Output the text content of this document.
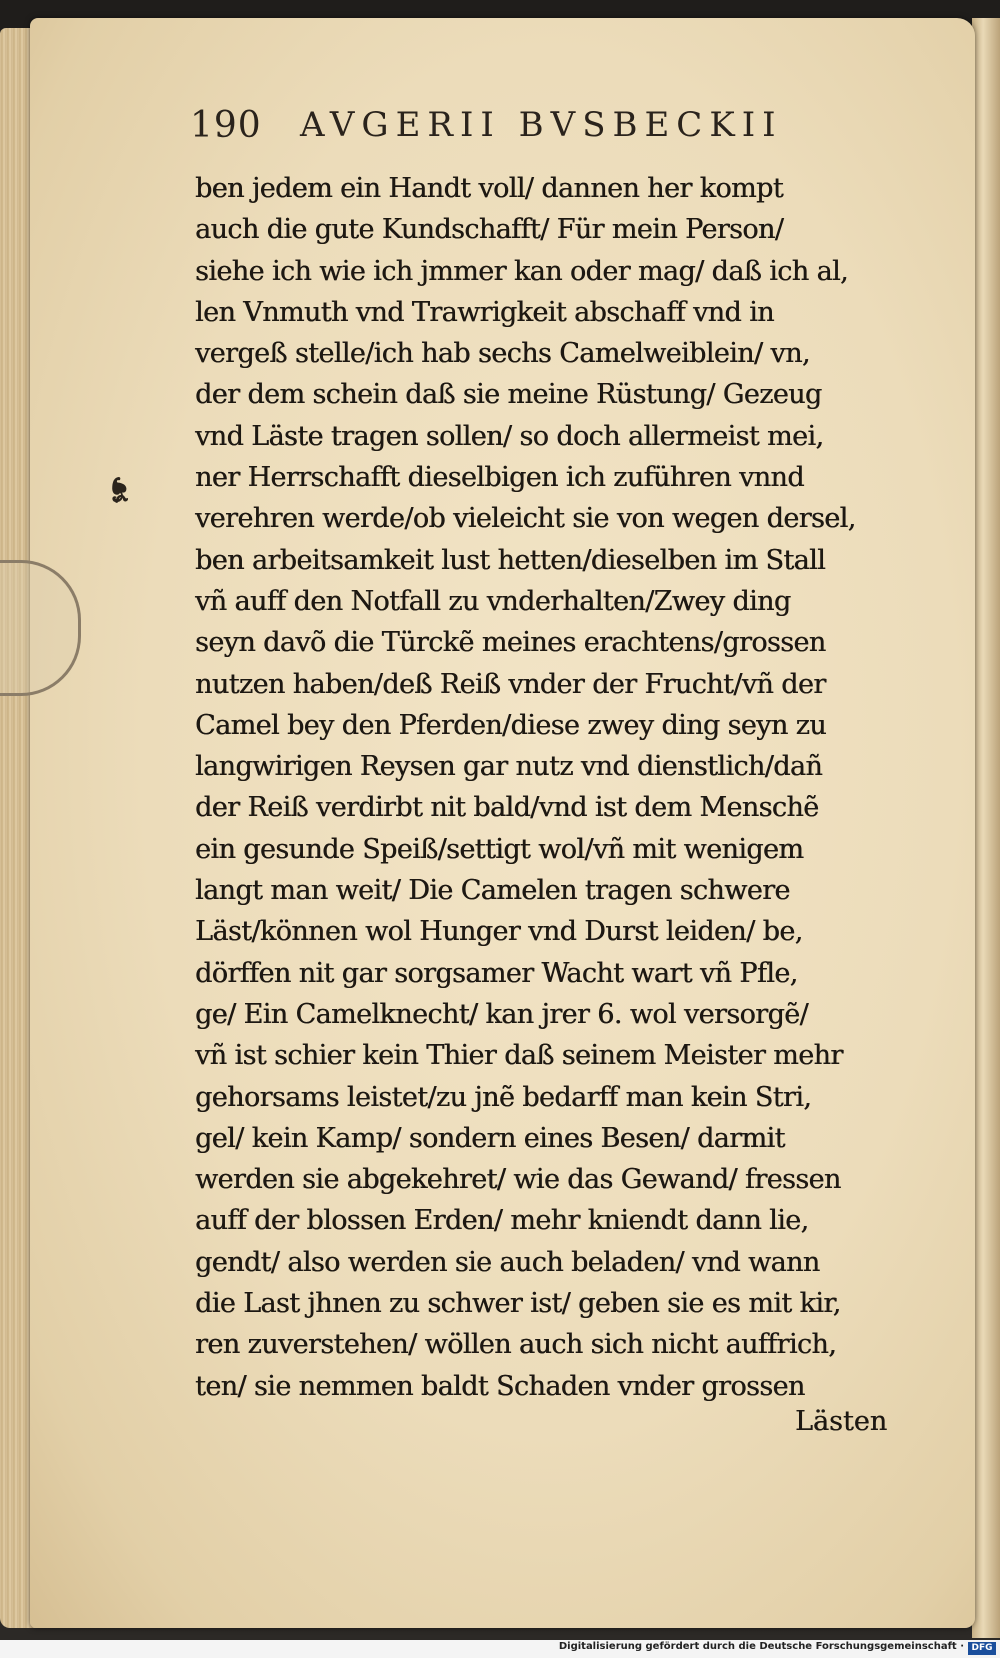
☙
190 AVGERII BVSBECKII
ben jedem ein Handt voll/ dannen her kompt
auch die gute Kundschafft/ Für mein Person/
siehe ich wie ich jmmer kan oder mag/ daß ich al,
len Vnmuth vnd Trawrigkeit abschaff vnd in
vergeß stelle/ich hab sechs Camelweiblein/ vn,
der dem schein daß sie meine Rüstung/ Gezeug
vnd Läste tragen sollen/ so doch allermeist mei,
ner Herrschafft dieselbigen ich zuführen vnnd
verehren werde/ob vieleicht sie von wegen dersel,
ben arbeitsamkeit lust hetten/dieselben im Stall
vñ auff den Notfall zu vnderhalten/Zwey ding
seyn davõ die Türckẽ meines erachtens/grossen
nutzen haben/deß Reiß vnder der Frucht/vñ der
Camel bey den Pferden/diese zwey ding seyn zu
langwirigen Reysen gar nutz vnd dienstlich/dañ
der Reiß verdirbt nit bald/vnd ist dem Menschẽ
ein gesunde Speiß/settigt wol/vñ mit wenigem
langt man weit/ Die Camelen tragen schwere
Läst/können wol Hunger vnd Durst leiden/ be,
dörffen nit gar sorgsamer Wacht wart vñ Pfle,
ge/ Ein Camelknecht/ kan jrer 6. wol versorgẽ/
vñ ist schier kein Thier daß seinem Meister mehr
gehorsams leistet/zu jnẽ bedarff man kein Stri,
gel/ kein Kamp/ sondern eines Besen/ darmit
werden sie abgekehret/ wie das Gewand/ fressen
auff der blossen Erden/ mehr kniendt dann lie,
gendt/ also werden sie auch beladen/ vnd wann
die Last jhnen zu schwer ist/ geben sie es mit kir,
ren zuverstehen/ wöllen auch sich nicht auffrich,
ten/ sie nemmen baldt Schaden vnder grossen
Lästen
Digitalisierung gefördert durch die Deutsche Forschungsgemeinschaft · DFG
